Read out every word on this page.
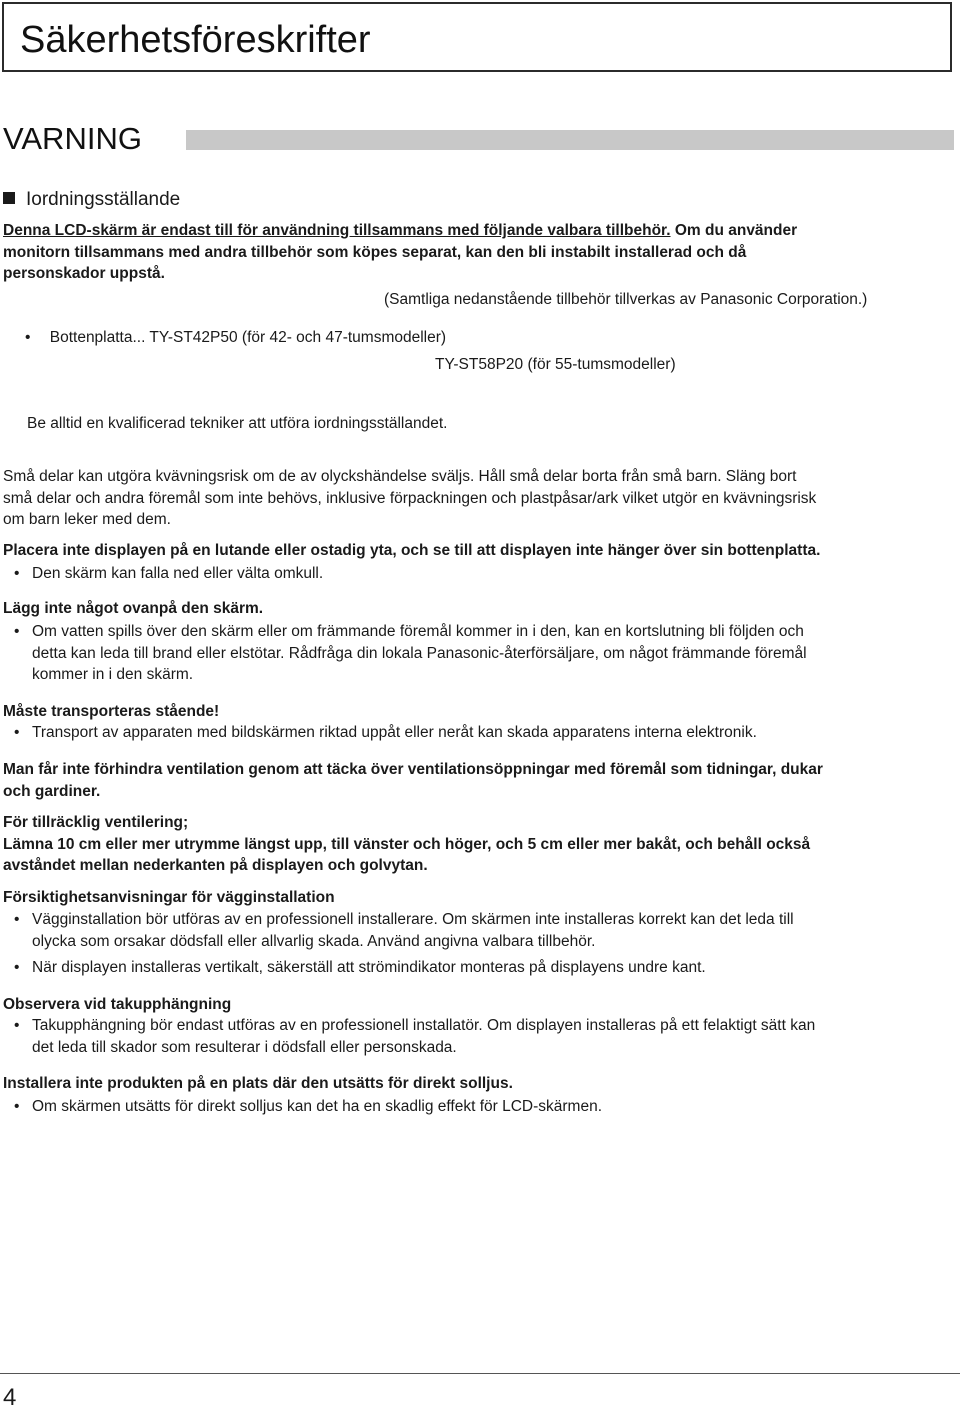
Säkerhetsföreskrifter
VARNING
Iordningsställande

Denna LCD-skärm är endast till för användning tillsammans med följande valbara tillbehör. Om du använder

monitorn tillsammans med andra tillbehör som köpes separat, kan den bli instabilt installerad och då

personskador uppstå.

(Samtliga nedanstående tillbehör tillverkas av Panasonic Corporation.)
• Bottenplatta... TY-ST42P50 (för 42- och 47-tumsmodeller)
TY-ST58P20 (för 55-tumsmodeller)
Be alltid en kvalificerad tekniker att utföra iordningsställandet.

Små delar kan utgöra kvävningsrisk om de av olyckshändelse sväljs. Håll små delar borta från små barn. Släng bort

små delar och andra föremål som inte behövs, inklusive förpackningen och plastpåsar/ark vilket utgör en kvävningsrisk

om barn leker med dem.

Placera inte displayen på en lutande eller ostadig yta, och se till att displayen inte hänger över sin bottenplatta.
• Den skärm kan falla ned eller välta omkull.
Lägg inte något ovanpå den skärm.
• Om vatten spills över den skärm eller om främmande föremål kommer in i den, kan en kortslutning bli följden och
detta kan leda till brand eller elstötar. Rådfråga din lokala Panasonic-återförsäljare, om något främmande föremål
kommer in i den skärm.
Måste transporteras stående!
• Transport av apparaten med bildskärmen riktad uppåt eller neråt kan skada apparatens interna elektronik.

Man får inte förhindra ventilation genom att täcka över ventilationsöppningar med föremål som tidningar, dukar

och gardiner.

För tillräcklig ventilering;

Lämna 10 cm eller mer utrymme längst upp, till vänster och höger, och 5 cm eller mer bakåt, och behåll också

avståndet mellan nederkanten på displayen och golvytan.

Försiktighetsanvisningar för vägginstallation
• Vägginstallation bör utföras av en professionell installerare. Om skärmen inte installeras korrekt kan det leda till
olycka som orsakar dödsfall eller allvarlig skada. Använd angivna valbara tillbehör.
• När displayen installeras vertikalt, säkerställ att strömindikator monteras på displayens undre kant.
Observera vid takupphängning
• Takupphängning bör endast utföras av en professionell installatör. Om displayen installeras på ett felaktigt sätt kan
det leda till skador som resulterar i dödsfall eller personskada.
Installera inte produkten på en plats där den utsätts för direkt solljus.
• Om skärmen utsätts för direkt solljus kan det ha en skadlig effekt för LCD-skärmen.
4
